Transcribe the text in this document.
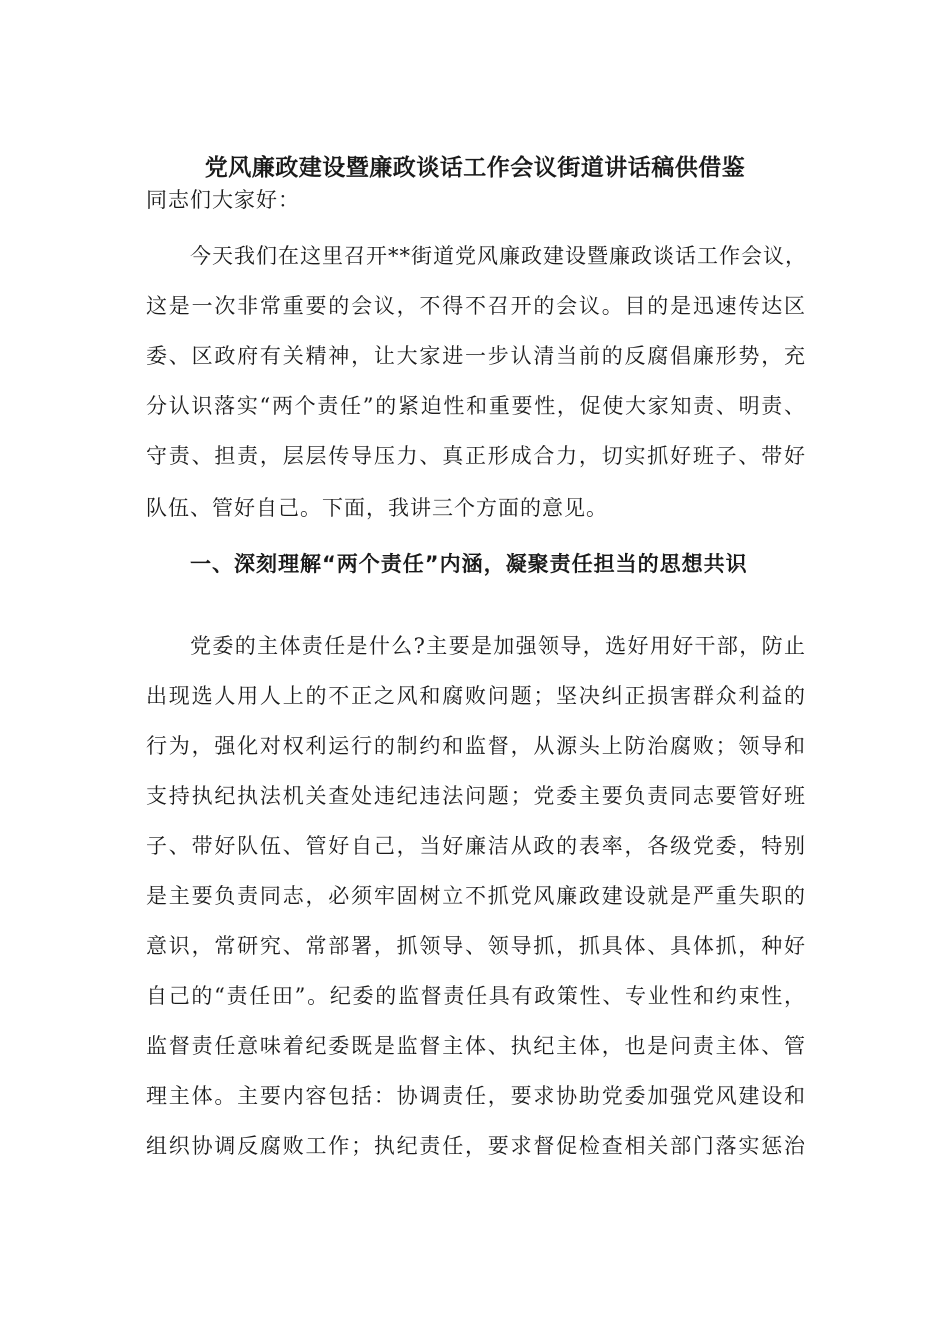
党风廉政建设暨廉政谈话工作会议街道讲话稿供借鉴
同志们大家好：
今天我们在这里召开**街道党风廉政建设暨廉政谈话工作会议，
这是一次非常重要的会议，不得不召开的会议。目的是迅速传达区
委、区政府有关精神，让大家进一步认清当前的反腐倡廉形势，充
分认识落实“两个责任”的紧迫性和重要性，促使大家知责、明责、
守责、担责，层层传导压力、真正形成合力，切实抓好班子、带好
队伍、管好自己。下面，我讲三个方面的意见。
一、深刻理解“两个责任”内涵，凝聚责任担当的思想共识
党委的主体责任是什么?主要是加强领导，选好用好干部，防止
出现选人用人上的不正之风和腐败问题；坚决纠正损害群众利益的
行为，强化对权利运行的制约和监督，从源头上防治腐败；领导和
支持执纪执法机关查处违纪违法问题；党委主要负责同志要管好班
子、带好队伍、管好自己，当好廉洁从政的表率，各级党委，特别
是主要负责同志，必须牢固树立不抓党风廉政建设就是严重失职的
意识，常研究、常部署，抓领导、领导抓，抓具体、具体抓，种好
自己的“责任田”。纪委的监督责任具有政策性、专业性和约束性，
监督责任意味着纪委既是监督主体、执纪主体，也是问责主体、管
理主体。主要内容包括：协调责任，要求协助党委加强党风建设和
组织协调反腐败工作；执纪责任，要求督促检查相关部门落实惩治
